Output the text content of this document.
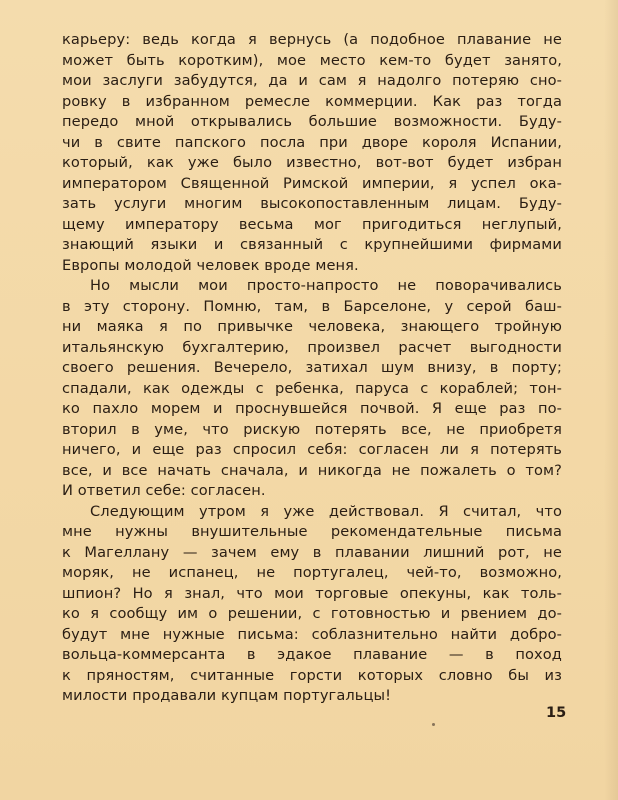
карьеру: ведь когда я вернусь (а подобное плавание не
может быть коротким), мое место кем-то будет занято,
мои заслуги забудутся, да и сам я надолго потеряю сно-
ровку в избранном ремесле коммерции. Как раз тогда
передо мной открывались большие возможности. Буду-
чи в свите папского посла при дворе короля Испании,
который, как уже было известно, вот-вот будет избран
императором Священной Римской империи, я успел ока-
зать услуги многим высокопоставленным лицам. Буду-
щему императору весьма мог пригодиться неглупый,
знающий языки и связанный с крупнейшими фирмами
Европы молодой человек вроде меня.
Но мысли мои просто-напросто не поворачивались
в эту сторону. Помню, там, в Барселоне, у серой баш-
ни маяка я по привычке человека, знающего тройную
итальянскую бухгалтерию, произвел расчет выгодности
своего решения. Вечерело, затихал шум внизу, в порту;
спадали, как одежды с ребенка, паруса с кораблей; тон-
ко пахло морем и проснувшейся почвой. Я еще раз по-
вторил в уме, что рискую потерять все, не приобретя
ничего, и еще раз спросил себя: согласен ли я потерять
все, и все начать сначала, и никогда не пожалеть о том?
И ответил себе: согласен.
Следующим утром я уже действовал. Я считал, что
мне нужны внушительные рекомендательные письма
к Магеллану — зачем ему в плавании лишний рот, не
моряк, не испанец, не португалец, чей-то, возможно,
шпион? Но я знал, что мои торговые опекуны, как толь-
ко я сообщу им о решении, с готовностью и рвением до-
будут мне нужные письма: соблазнительно найти добро-
вольца-коммерсанта в эдакое плавание — в поход
к пряностям, считанные горсти которых словно бы из
милости продавали купцам португальцы!
15
